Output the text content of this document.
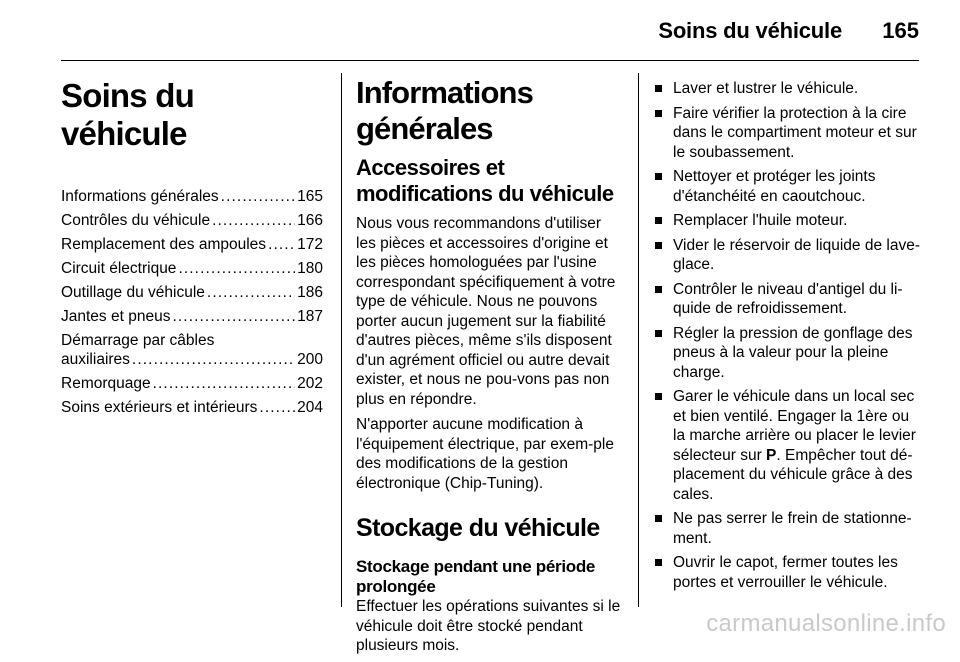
Soins du véhicule 165
Soins du véhicule
Informations générales . . .	165
Contrôles du véhicule . . .	166
Remplacement des ampoules . . . 172
Circuit électrique . . .	180
Outillage du véhicule . . .	186
Jantes et pneus . . .	187
Démarrage par câbles
auxiliaires . . .	200
Remorquage . . .	202
Soins extérieurs et intérieurs . . .	204
Informations générales
Accessoires et modifications du véhicule

Nous vous recommandons d'utiliser les pièces et accessoires d'origine et les pièces homologuées par l'usine correspondant spécifiquement à votre type de véhicule. Nous ne pouvons porter aucun jugement sur la fiabilité d'autres pièces, même s'ils disposent d'un agrément officiel ou autre devait exister, et nous ne pou-vons pas non plus en répondre.

N'apporter aucune modification à l'équipement électrique, par exem-ple des modifications de la gestion électronique (Chip-Tuning).

Stockage du véhicule
Stockage pendant une période prolongée

Effectuer les opérations suivantes si le véhicule doit être stocké pendant plusieurs mois.

Laver et lustrer le véhicule.
Faire vérifier la protection à la cire dans le compartiment moteur et sur le soubassement.
Nettoyer et protéger les joints d'étanchéité en caoutchouc.
Remplacer l'huile moteur.
Vider le réservoir de liquide de lave-glace.
Contrôler le niveau d'antigel du li-quide de refroidissement.
Régler la pression de gonflage des pneus à la valeur pour la pleine charge.
Garer le véhicule dans un local sec et bien ventilé. Engager la 1ère ou la marche arrière ou placer le levier sélecteur sur P. Empêcher tout dé-placement du véhicule grâce à des cales.
Ne pas serrer le frein de stationne-ment.
Ouvrir le capot, fermer toutes les portes et verrouiller le véhicule.
carmanualsonline.info
